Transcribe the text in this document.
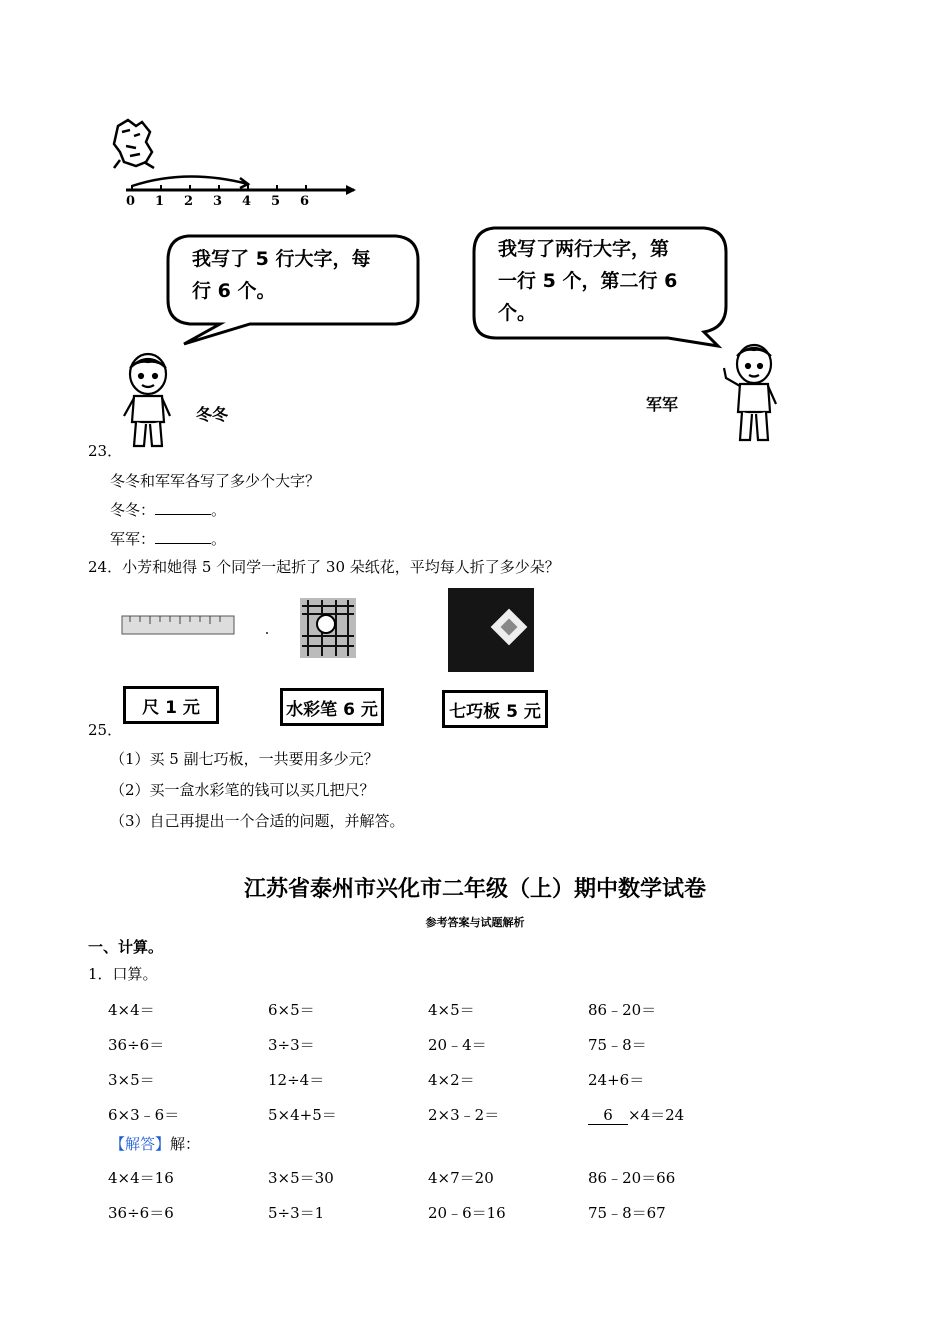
0 1 2 3 4 5 6
我写了 5 行大字，每
行 6 个。
我写了两行大字，第
一行 5 个，第二行 6
个。
冬冬
军军
23．
冬冬和军军各写了多少个大字？
冬冬：	。
军军：	。
24．小芳和她得 5 个同学一起折了 30 朵纸花，平均每人折了多少朵？
尺 1 元	水彩笔 6 元	七巧板 5 元
25．
（1）买 5 副七巧板，一共要用多少元？
（2）买一盒水彩笔的钱可以买几把尺？
（3）自己再提出一个合适的问题，并解答。
江苏省泰州市兴化市二年级（上）期中数学试卷
参考答案与试题解析
一、计算。
1．口算。
4×4＝	6×5＝	4×5＝	86﹣20＝
36÷6＝	3÷3＝	20﹣4＝	75﹣8＝
3×5＝	12÷4＝	4×2＝	24+6＝
6×3﹣6＝	5×4+5＝	2×3﹣2＝	6 ×4＝24
【解答】解：
4×4＝16	3×5＝30	4×7＝20	86﹣20＝66
36÷6＝6	5÷3＝1	20﹣6＝16	75﹣8＝67
